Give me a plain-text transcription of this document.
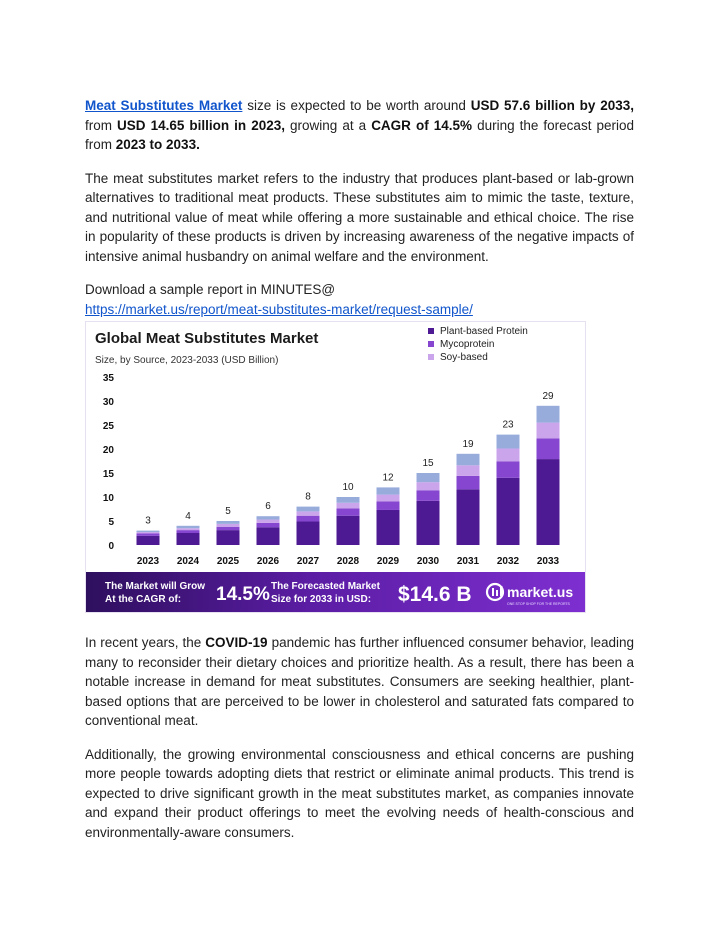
Meat Substitutes Market size is expected to be worth around USD 57.6 billion by 2033, from USD 14.65 billion in 2023, growing at a CAGR of 14.5% during the forecast period from 2023 to 2033.

The meat substitutes market refers to the industry that produces plant-based or lab-grown alternatives to traditional meat products. These substitutes aim to mimic the taste, texture, and nutritional value of meat while offering a more sustainable and ethical choice. The rise in popularity of these products is driven by increasing awareness of the negative impacts of intensive animal husbandry on animal welfare and the environment.

Download a sample report in MINUTES@

https://market.us/report/meat-substitutes-market/request-sample/

Global Meat Substitutes Market
Size, by Source, 2023-2033 (USD Billion)
Plant-based Protein
Mycoprotein
Soy-based
0
5
10
15
20
25
30
35
3	4	5	6
8
10
12
15
19
23
29
2023 2024 2025 2026 2027 2028 2029 2030 2031 2032 2033
The Market will Grow
At the CAGR of: 14.5% The Forecasted Market
Size for 2033 in USD: $14.6 B	market.us
ONE STOP SHOP FOR THE REPORTS

In recent years, the COVID-19 pandemic has further influenced consumer behavior, leading many to reconsider their dietary choices and prioritize health. As a result, there has been a notable increase in demand for meat substitutes. Consumers are seeking healthier, plant-based options that are perceived to be lower in cholesterol and saturated fats compared to conventional meat.

Additionally, the growing environmental consciousness and ethical concerns are pushing more people towards adopting diets that restrict or eliminate animal products. This trend is expected to drive significant growth in the meat substitutes market, as companies innovate and expand their product offerings to meet the evolving needs of health-conscious and environmentally-aware consumers.
